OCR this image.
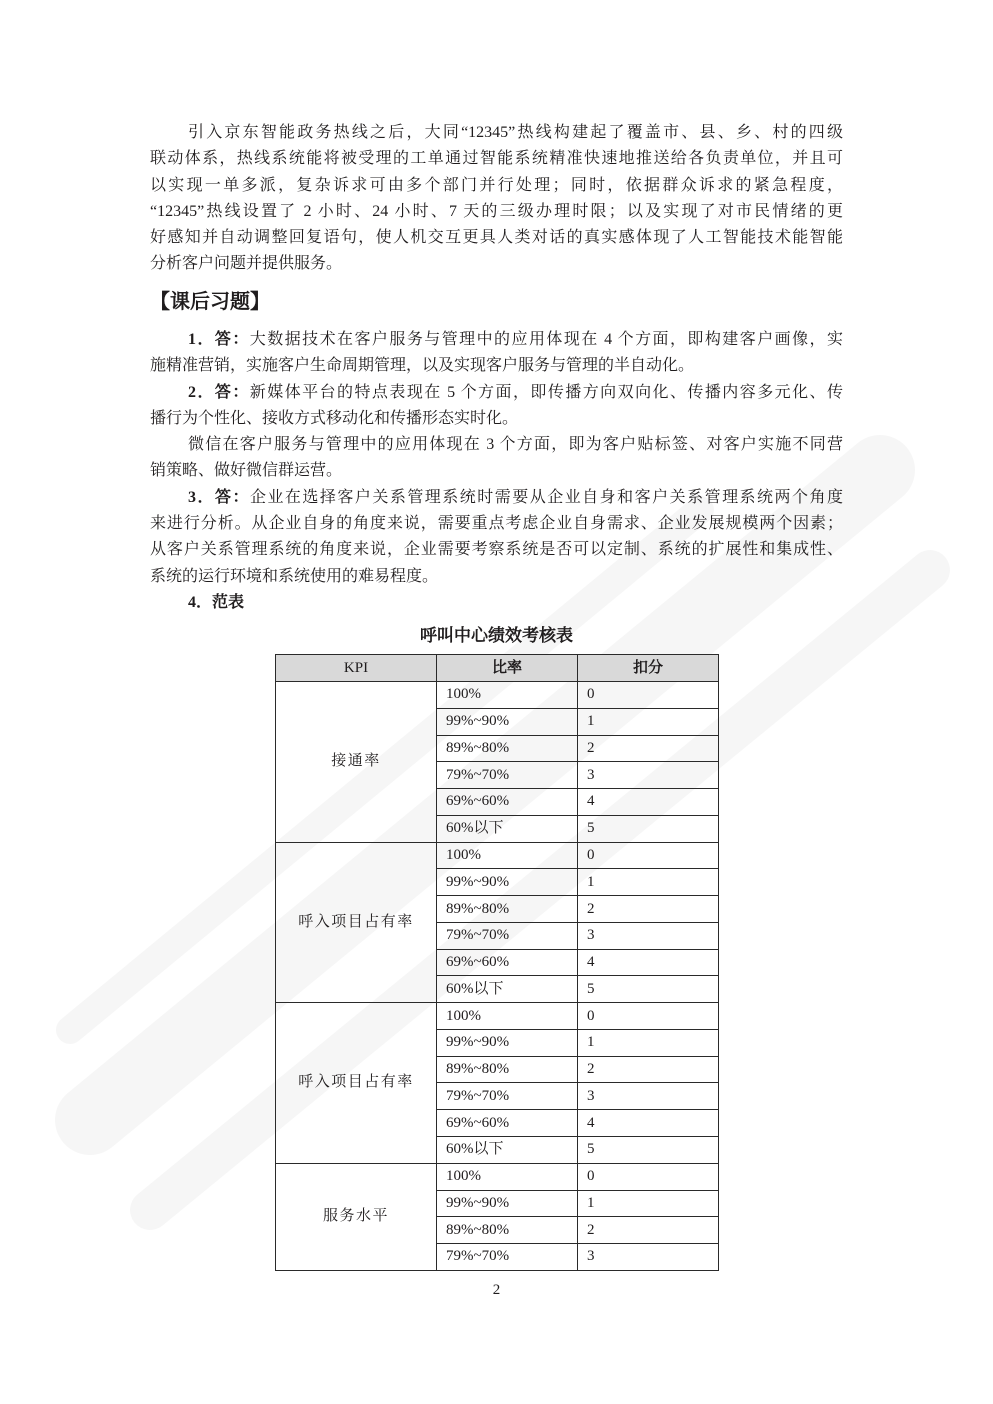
引入京东智能政务热线之后，大同“12345”热线构建起了覆盖市、县、乡、村的四级
联动体系，热线系统能将被受理的工单通过智能系统精准快速地推送给各负责单位，并且可
以实现一单多派，复杂诉求可由多个部门并行处理；同时，依据群众诉求的紧急程度，
“12345”热线设置了 2 小时、24 小时、7 天的三级办理时限；以及实现了对市民情绪的更
好感知并自动调整回复语句，使人机交互更具人类对话的真实感体现了人工智能技术能智能
分析客户问题并提供服务。
【课后习题】
1．答：大数据技术在客户服务与管理中的应用体现在 4 个方面，即构建客户画像，实
施精准营销，实施客户生命周期管理，以及实现客户服务与管理的半自动化。
2．答：新媒体平台的特点表现在 5 个方面，即传播方向双向化、传播内容多元化、传
播行为个性化、接收方式移动化和传播形态实时化。
微信在客户服务与管理中的应用体现在 3 个方面，即为客户贴标签、对客户实施不同营
销策略、做好微信群运营。
3．答：企业在选择客户关系管理系统时需要从企业自身和客户关系管理系统两个角度
来进行分析。从企业自身的角度来说，需要重点考虑企业自身需求、企业发展规模两个因素；
从客户关系管理系统的角度来说，企业需要考察系统是否可以定制、系统的扩展性和集成性、
系统的运行环境和系统使用的难易程度。
4．范表
呼叫中心绩效考核表
KPI	比率	扣分
接通率	100%	0
	99%~90%	1
	89%~80%	2
	79%~70%	3
	69%~60%	4
	60%以下	5
呼入项目占有率	100%	0
	99%~90%	1
	89%~80%	2
	79%~70%	3
	69%~60%	4
	60%以下	5
呼入项目占有率	100%	0
	99%~90%	1
	89%~80%	2
	79%~70%	3
	69%~60%	4
	60%以下	5
服务水平	100%	0
	99%~90%	1
	89%~80%	2
	79%~70%	3
2
